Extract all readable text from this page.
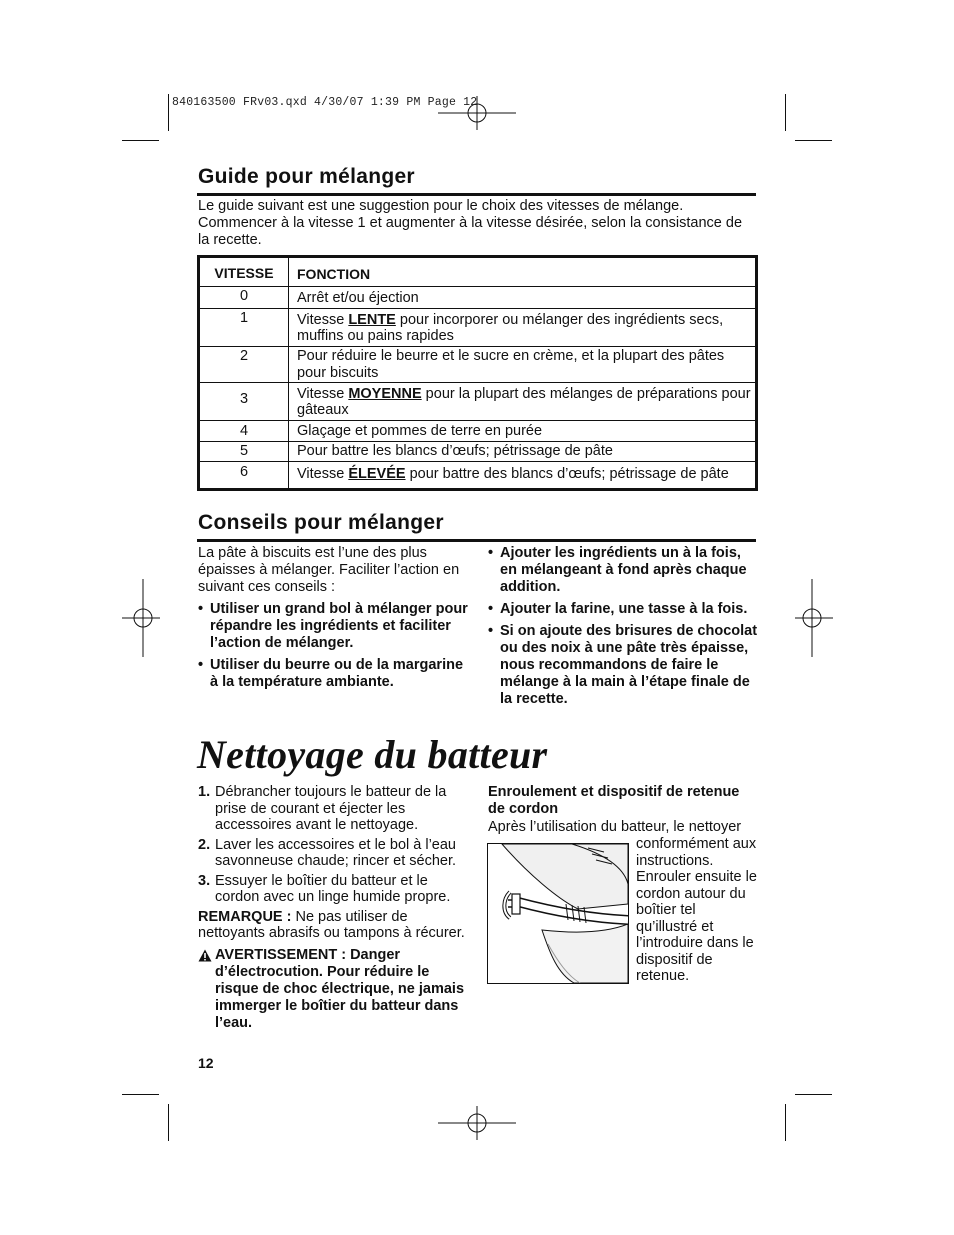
840163500 FRv03.qxd 4/30/07 1:39 PM Page 12
Guide pour mélanger
Le guide suivant est une suggestion pour le choix des vitesses de mélange. Commencer à la vitesse 1 et augmenter à la vitesse désirée, selon la consistance de la recette.
VITESSE	FONCTION
0	Arrêt et/ou éjection
1	Vitesse LENTE pour incorporer ou mélanger des ingrédients secs, muffins ou pains rapides
2	Pour réduire le beurre et le sucre en crème, et la plupart des pâtes pour biscuits
3	Vitesse MOYENNE pour la plupart des mélanges de préparations pour gâteaux
4	Glaçage et pommes de terre en purée
5	Pour battre les blancs d’œufs; pétrissage de pâte
6	Vitesse ÉLEVÉE pour battre des blancs d’œufs; pétrissage de pâte
Conseils pour mélanger
La pâte à biscuits est l’une des plus épaisses à mélanger. Faciliter l’action en suivant ces conseils :
• Utiliser un grand bol à mélanger pour répandre les ingrédients et faciliter l’action de mélanger.
• Utiliser du beurre ou de la margarine à la température ambiante.
• Ajouter les ingrédients un à la fois, en mélangeant à fond après chaque addition.
• Ajouter la farine, une tasse à la fois.
• Si on ajoute des brisures de chocolat ou des noix à une pâte très épaisse, nous recommandons de faire le mélange à la main à l’étape finale de la recette.
Nettoyage du batteur
1. Débrancher toujours le batteur de la prise de courant et éjecter les accessoires avant le nettoyage.
2. Laver les accessoires et le bol à l’eau savonneuse chaude; rincer et sécher.
3. Essuyer le boîtier du batteur et le cordon avec un linge humide propre.
REMARQUE : Ne pas utiliser de nettoyants abrasifs ou tampons à récurer.
AVERTISSEMENT : Danger d’électrocution. Pour réduire le risque de choc électrique, ne jamais immerger le boîtier du batteur dans l’eau.
Enroulement et dispositif de retenue de cordon
Après l’utilisation du batteur, le nettoyer
conformément aux instructions. Enrouler ensuite le cordon autour du boîtier tel qu’illustré et l’introduire dans le dispositif de retenue.
12
